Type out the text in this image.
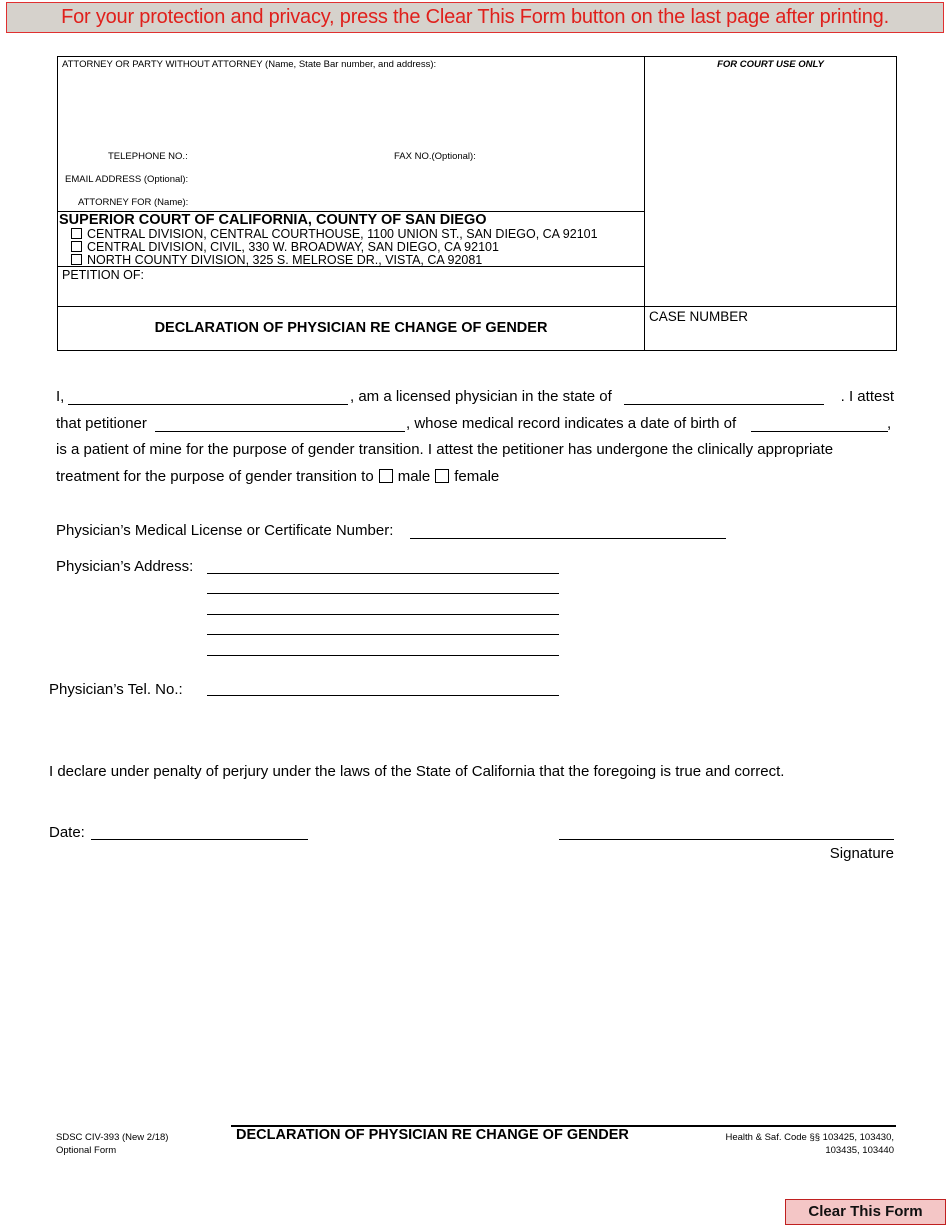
For your protection and privacy, press the Clear This Form button on the last page after printing.
ATTORNEY OR PARTY WITHOUT ATTORNEY (Name, State Bar number, and address):	FOR COURT USE ONLY
TELEPHONE NO.:	FAX NO.(Optional):
EMAIL ADDRESS (Optional):
ATTORNEY FOR (Name):
SUPERIOR COURT OF CALIFORNIA, COUNTY OF SAN DIEGO
CENTRAL DIVISION, CENTRAL COURTHOUSE, 1100 UNION ST., SAN DIEGO, CA 92101
CENTRAL DIVISION, CIVIL, 330 W. BROADWAY, SAN DIEGO, CA 92101
NORTH COUNTY DIVISION, 325 S. MELROSE DR., VISTA, CA 92081
PETITION OF:
DECLARATION OF PHYSICIAN RE CHANGE OF GENDER
CASE NUMBER
I,	, am a licensed physician in the state of	. I attest
that petitioner	, whose medical record indicates a date of birth of	,
is a patient of mine for the purpose of gender transition. I attest the petitioner has undergone the clinically appropriate
treatment for the purpose of gender transition to male female
Physician’s Medical License or Certificate Number:
Physician’s Address:
Physician’s Tel. No.:
I declare under penalty of perjury under the laws of the State of California that the foregoing is true and correct.
Date:
Signature
SDSC CIV-393 (New 2/18)
Optional Form
DECLARATION OF PHYSICIAN RE CHANGE OF GENDER	Health & Saf. Code §§ 103425, 103430,
103435, 103440
Clear This Form
